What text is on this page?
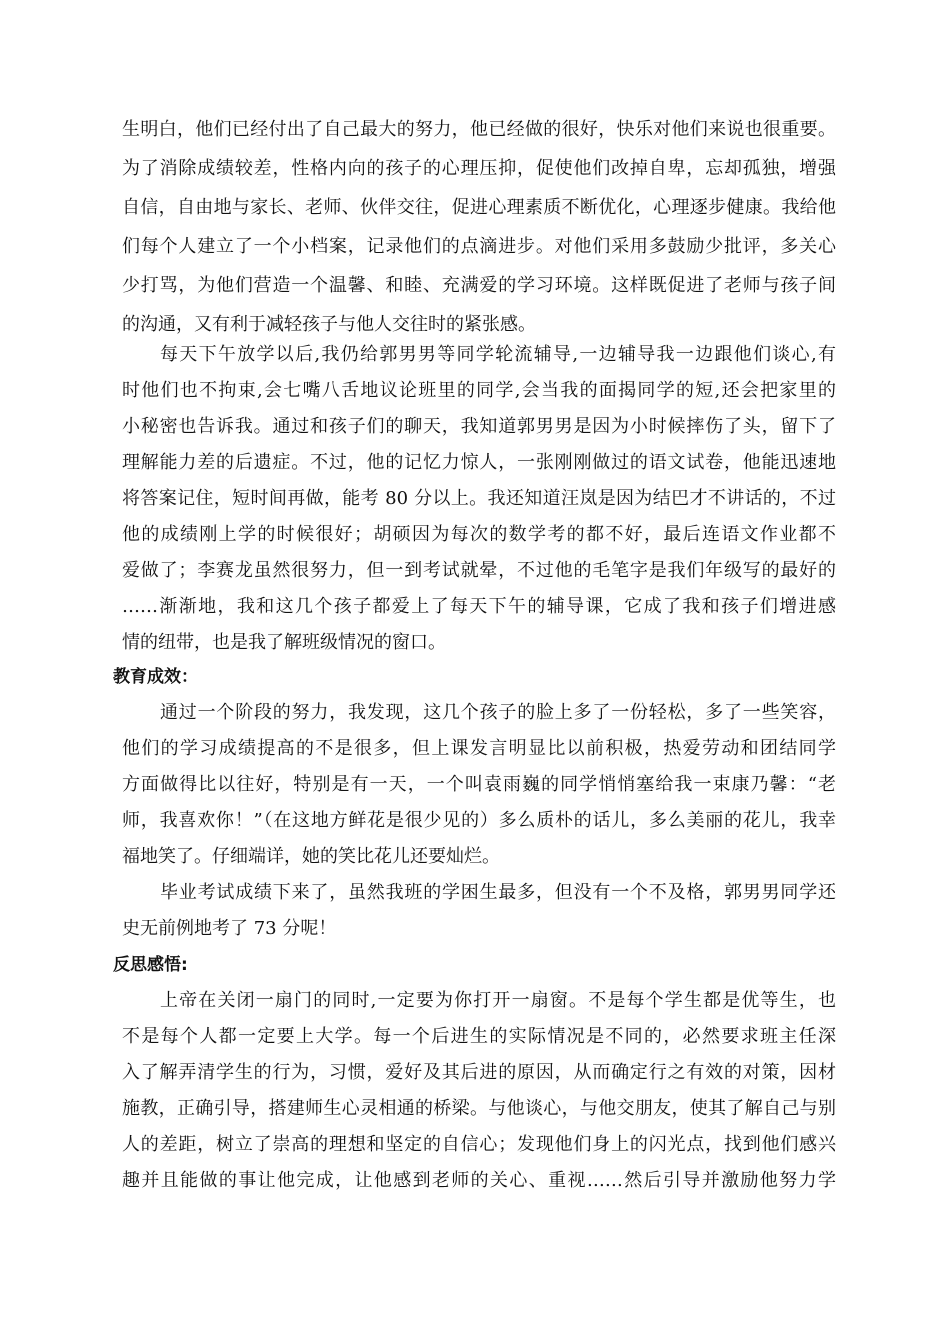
生明白，他们已经付出了自己最大的努力，他已经做的很好，快乐对他们来说也很重要。
为了消除成绩较差，性格内向的孩子的心理压抑，促使他们改掉自卑，忘却孤独，增强
自信，自由地与家长、老师、伙伴交往，促进心理素质不断优化，心理逐步健康。我给他
们每个人建立了一个小档案，记录他们的点滴进步。对他们采用多鼓励少批评，多关心
少打骂，为他们营造一个温馨、和睦、充满爱的学习环境。这样既促进了老师与孩子间
的沟通，又有利于减轻孩子与他人交往时的紧张感。
每天下午放学以后,我仍给郭男男等同学轮流辅导,一边辅导我一边跟他们谈心,有
时他们也不拘束,会七嘴八舌地议论班里的同学,会当我的面揭同学的短,还会把家里的
小秘密也告诉我。通过和孩子们的聊天，我知道郭男男是因为小时候摔伤了头，留下了
理解能力差的后遗症。不过，他的记忆力惊人，一张刚刚做过的语文试卷，他能迅速地
将答案记住，短时间再做，能考 80 分以上。我还知道汪岚是因为结巴才不讲话的，不过
他的成绩刚上学的时候很好；胡硕因为每次的数学考的都不好，最后连语文作业都不
爱做了；李赛龙虽然很努力，但一到考试就晕，不过他的毛笔字是我们年级写的最好的
……渐渐地，我和这几个孩子都爱上了每天下午的辅导课，它成了我和孩子们增进感
情的纽带，也是我了解班级情况的窗口。
教育成效：
通过一个阶段的努力，我发现，这几个孩子的脸上多了一份轻松，多了一些笑容，
他们的学习成绩提高的不是很多，但上课发言明显比以前积极，热爱劳动和团结同学
方面做得比以往好，特别是有一天，一个叫袁雨巍的同学悄悄塞给我一束康乃馨：“老
师，我喜欢你！”（在这地方鲜花是很少见的）多么质朴的话儿，多么美丽的花儿，我幸
福地笑了。仔细端详，她的笑比花儿还要灿烂。
毕业考试成绩下来了，虽然我班的学困生最多，但没有一个不及格，郭男男同学还
史无前例地考了 73 分呢！
反思感悟:
上帝在关闭一扇门的同时,一定要为你打开一扇窗。不是每个学生都是优等生，也
不是每个人都一定要上大学。每一个后进生的实际情况是不同的，必然要求班主任深
入了解弄清学生的行为，习惯，爱好及其后进的原因，从而确定行之有效的对策，因材
施教，正确引导，搭建师生心灵相通的桥梁。与他谈心，与他交朋友，使其了解自己与别
人的差距，树立了崇高的理想和坚定的自信心；发现他们身上的闪光点，找到他们感兴
趣并且能做的事让他完成，让他感到老师的关心、重视……然后引导并激励他努力学
